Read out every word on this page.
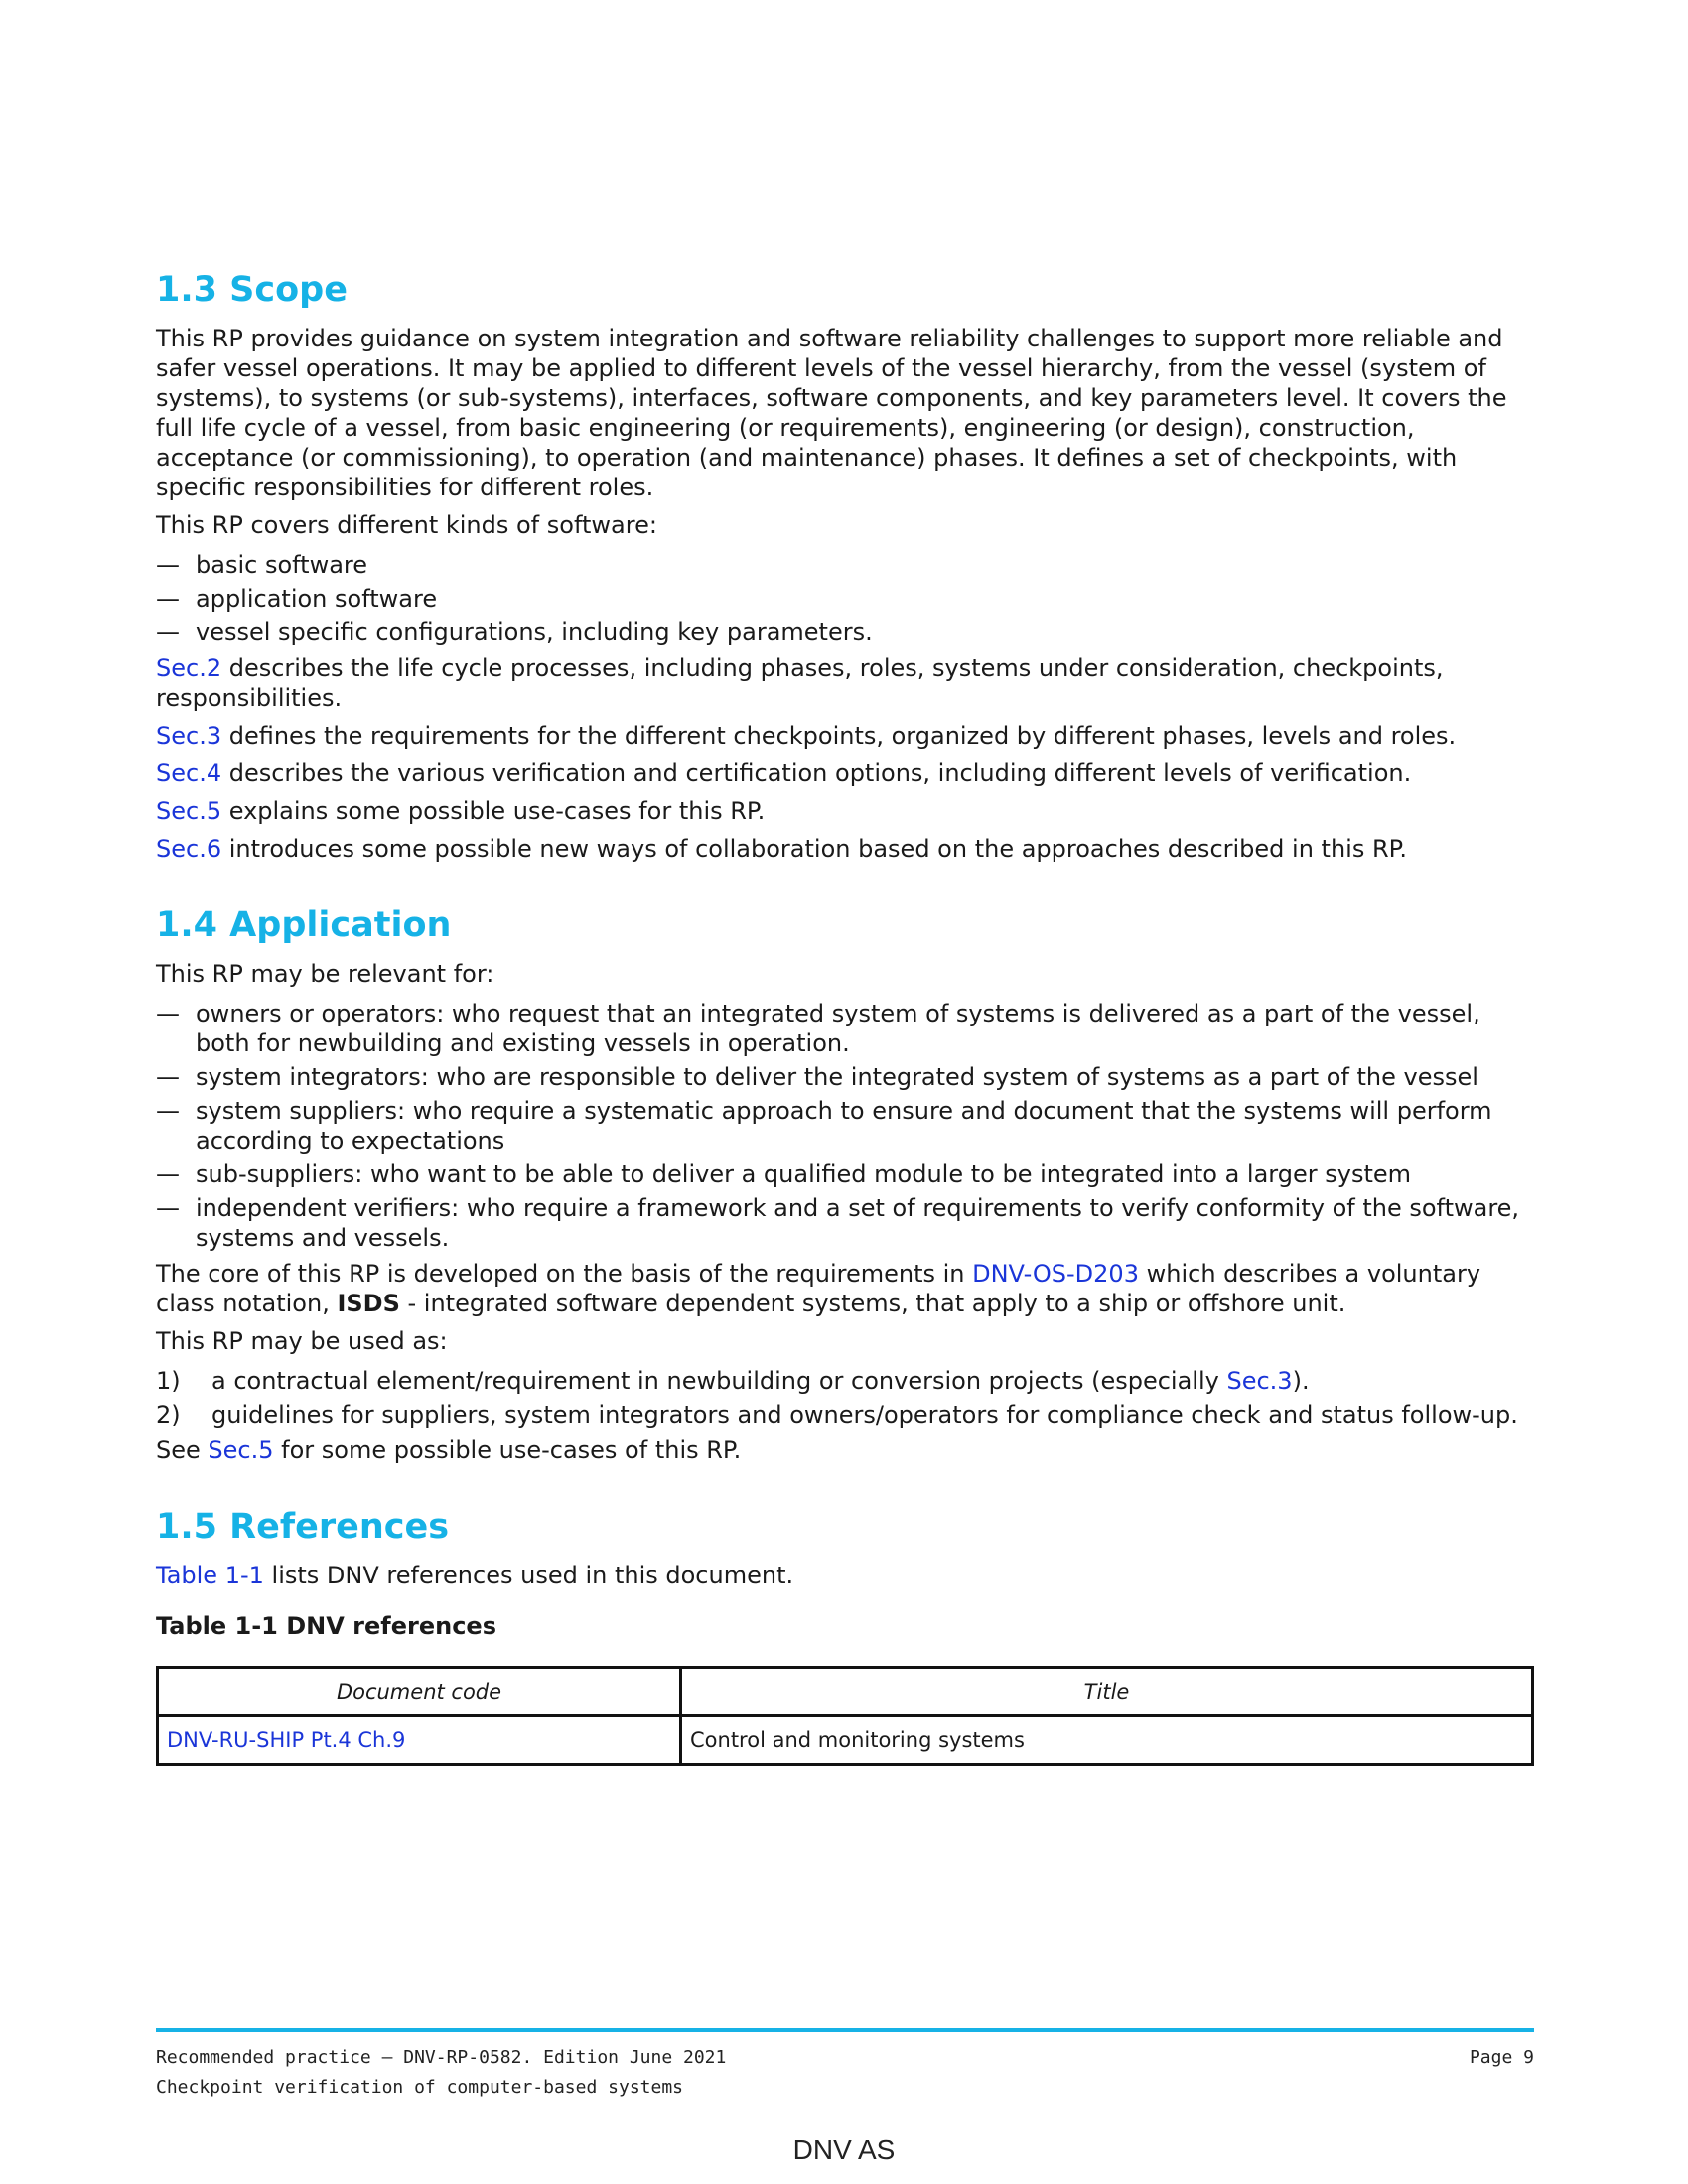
1.3 Scope

This RP provides guidance on system integration and software reliability challenges to support more reliable and safer vessel operations. It may be applied to different levels of the vessel hierarchy, from the vessel (system of systems), to systems (or sub-systems), interfaces, software components, and key parameters level. It covers the full life cycle of a vessel, from basic engineering (or requirements), engineering (or design), construction, acceptance (or commissioning), to operation (and maintenance) phases. It defines a set of checkpoints, with specific responsibilities for different roles.

This RP covers different kinds of software:

— basic software
— application software
— vessel specific configurations, including key parameters.

Sec.2 describes the life cycle processes, including phases, roles, systems under consideration, checkpoints, responsibilities.

Sec.3 defines the requirements for the different checkpoints, organized by different phases, levels and roles.

Sec.4 describes the various verification and certification options, including different levels of verification.

Sec.5 explains some possible use-cases for this RP.

Sec.6 introduces some possible new ways of collaboration based on the approaches described in this RP.

1.4 Application

This RP may be relevant for:

— owners or operators: who request that an integrated system of systems is delivered as a part of the vessel, both for newbuilding and existing vessels in operation.
— system integrators: who are responsible to deliver the integrated system of systems as a part of the vessel
— system suppliers: who require a systematic approach to ensure and document that the systems will perform according to expectations
— sub-suppliers: who want to be able to deliver a qualified module to be integrated into a larger system
— independent verifiers: who require a framework and a set of requirements to verify conformity of the software, systems and vessels.

The core of this RP is developed on the basis of the requirements in DNV-OS-D203 which describes a voluntary class notation, ISDS - integrated software dependent systems, that apply to a ship or offshore unit.

This RP may be used as:

1) a contractual element/requirement in newbuilding or conversion projects (especially Sec.3).
2) guidelines for suppliers, system integrators and owners/operators for compliance check and status follow-up.

See Sec.5 for some possible use-cases of this RP.

1.5 References

Table 1-1 lists DNV references used in this document.

Table 1-1 DNV references
Document code	Title
DNV-RU-SHIP Pt.4 Ch.9	Control and monitoring systems
Recommended practice — DNV-RP-0582. Edition June 2021
Checkpoint verification of computer-based systems
Page 9
DNV AS
